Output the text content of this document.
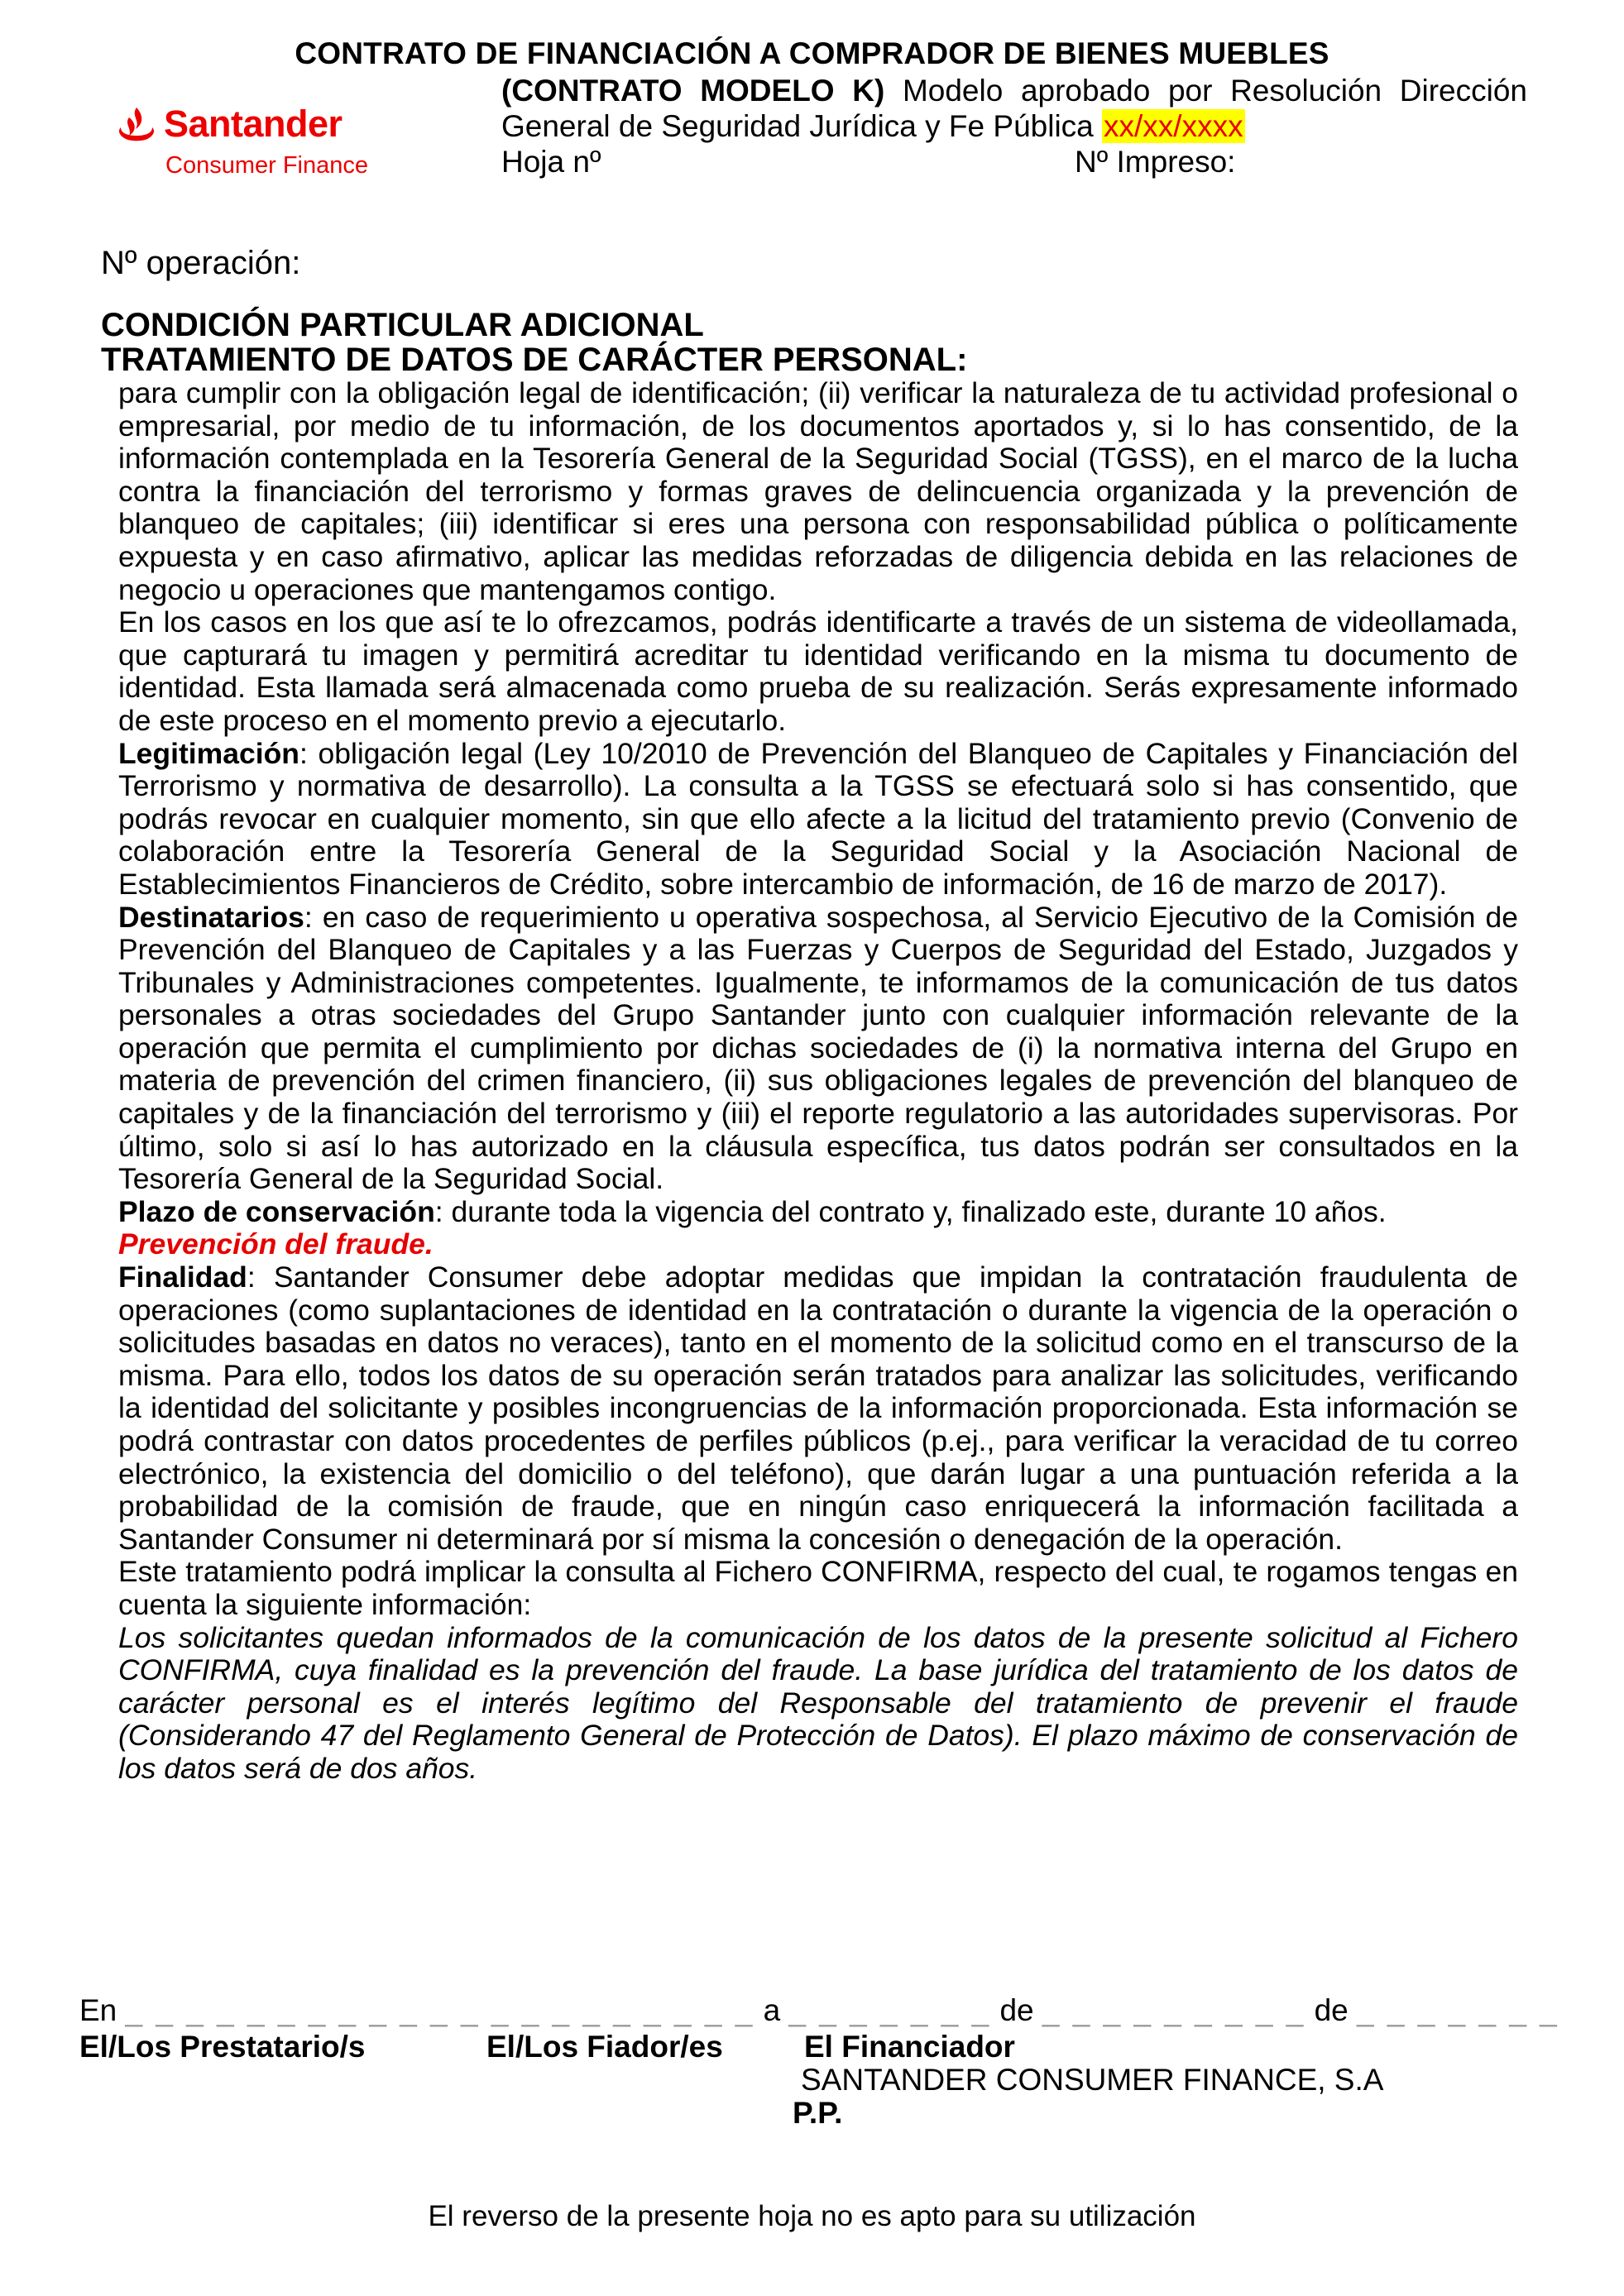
CONTRATO DE FINANCIACIÓN A COMPRADOR DE BIENES MUEBLES
Santander
Consumer Finance
(CONTRATO MODELO K) Modelo aprobado por Resolución Dirección
General de Seguridad Jurídica y Fe Pública xx/xx/xxxx
Hoja nº	Nº Impreso:
Nº operación:
CONDICIÓN PARTICULAR ADICIONAL
TRATAMIENTO DE DATOS DE CARÁCTER PERSONAL:

para cumplir con la obligación legal de identificación; (ii) verificar la naturaleza de tu actividad profesional o empresarial, por medio de tu información, de los documentos aportados y, si lo has consentido, de la información contemplada en la Tesorería General de la Seguridad Social (TGSS), en el marco de la lucha contra la financiación del terrorismo y formas graves de delincuencia organizada y la prevención de blanqueo de capitales; (iii) identificar si eres una persona con responsabilidad pública o políticamente expuesta y en caso afirmativo, aplicar las medidas reforzadas de diligencia debida en las relaciones de negocio u operaciones que mantengamos contigo.

En los casos en los que así te lo ofrezcamos, podrás identificarte a través de un sistema de videollamada, que capturará tu imagen y permitirá acreditar tu identidad verificando en la misma tu documento de identidad. Esta llamada será almacenada como prueba de su realización. Serás expresamente informado de este proceso en el momento previo a ejecutarlo.

Legitimación: obligación legal (Ley 10/2010 de Prevención del Blanqueo de Capitales y Financiación del Terrorismo y normativa de desarrollo). La consulta a la TGSS se efectuará solo si has consentido, que podrás revocar en cualquier momento, sin que ello afecte a la licitud del tratamiento previo (Convenio de colaboración entre la Tesorería General de la Seguridad Social y la Asociación Nacional de Establecimientos Financieros de Crédito, sobre intercambio de información, de 16 de marzo de 2017).

Destinatarios: en caso de requerimiento u operativa sospechosa, al Servicio Ejecutivo de la Comisión de Prevención del Blanqueo de Capitales y a las Fuerzas y Cuerpos de Seguridad del Estado, Juzgados y Tribunales y Administraciones competentes. Igualmente, te informamos de la comunicación de tus datos personales a otras sociedades del Grupo Santander junto con cualquier información relevante de la operación que permita el cumplimiento por dichas sociedades de (i) la normativa interna del Grupo en materia de prevención del crimen financiero, (ii) sus obligaciones legales de prevención del blanqueo de capitales y de la financiación del terrorismo y (iii) el reporte regulatorio a las autoridades supervisoras. Por último, solo si así lo has autorizado en la cláusula específica, tus datos podrán ser consultados en la Tesorería General de la Seguridad Social.

Plazo de conservación: durante toda la vigencia del contrato y, finalizado este, durante 10 años.

Prevención del fraude.

Finalidad: Santander Consumer debe adoptar medidas que impidan la contratación fraudulenta de operaciones (como suplantaciones de identidad en la contratación o durante la vigencia de la operación o solicitudes basadas en datos no veraces), tanto en el momento de la solicitud como en el transcurso de la misma. Para ello, todos los datos de su operación serán tratados para analizar las solicitudes, verificando la identidad del solicitante y posibles incongruencias de la información proporcionada. Esta información se podrá contrastar con datos procedentes de perfiles públicos (p.ej., para verificar la veracidad de tu correo electrónico, la existencia del domicilio o del teléfono), que darán lugar a una puntuación referida a la probabilidad de la comisión de fraude, que en ningún caso enriquecerá la información facilitada a Santander Consumer ni determinará por sí misma la concesión o denegación de la operación.

Este tratamiento podrá implicar la consulta al Fichero CONFIRMA, respecto del cual, te rogamos tengas en cuenta la siguiente información:

Los solicitantes quedan informados de la comunicación de los datos de la presente solicitud al Fichero CONFIRMA, cuya finalidad es la prevención del fraude. La base jurídica del tratamiento de los datos de carácter personal es el interés legítimo del Responsable del tratamiento de prevenir el fraude (Considerando 47 del Reglamento General de Protección de Datos). El plazo máximo de conservación de los datos será de dos años.

En _ _ _ _ _ _ _ _ _ _ _ _ _ _ _ _ _ _ _ _ _ a _ _ _ _ _ _ _ de _ _ _ _ _ _ _ _ _ de _ _ _ _ _ _ _
El/Los Prestatario/s	El/Los Fiador/es	El Financiador
SANTANDER CONSUMER FINANCE, S.A
P.P.
El reverso de la presente hoja no es apto para su utilización
